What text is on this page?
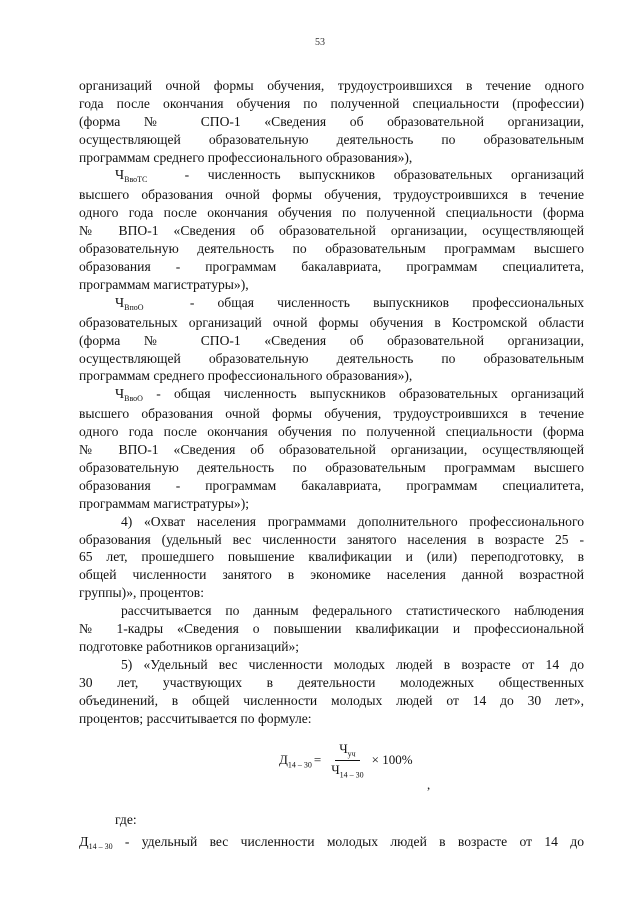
53
организаций очной формы обучения, трудоустроившихся в течение одного
года после окончания обучения по полученной специальности (профессии)
(форма № СПО-1 «Сведения об образовательной организации,
осуществляющей образовательную деятельность по образовательным
программам среднего профессионального образования»),
$Ч_{ВвоТС}$	- численность выпускников образовательных организаций
высшего образования очной формы обучения, трудоустроившихся в течение
одного года после окончания обучения по полученной специальности (форма
№ ВПО-1 «Сведения об образовательной организации, осуществляющей
образовательную деятельность по образовательным программам высшего
образования - программам бакалавриата, программам специалитета,
программам магистратуры»),
$Ч_{ВпоО}$	- общая численность выпускников профессиональных
образовательных организаций очной формы обучения в Костромской области
(форма № СПО-1 «Сведения об образовательной организации,
осуществляющей образовательную деятельность по образовательным
программам среднего профессионального образования»),
$Ч_{ВвоО}$ - общая численность выпускников образовательных организаций
высшего образования очной формы обучения, трудоустроившихся в течение
одного года после окончания обучения по полученной специальности (форма
№ ВПО-1 «Сведения об образовательной организации, осуществляющей
образовательную деятельность по образовательным программам высшего
образования - программам бакалавриата, программам специалитета,
программам магистратуры»);
4) «Охват населения программами дополнительного профессионального
образования (удельный вес численности занятого населения в возрасте 25 -
65 лет, прошедшего повышение квалификации и (или) переподготовку, в
общей численности занятого в экономике населения данной возрастной
группы)», процентов:
рассчитывается по данным федерального статистического наблюдения
№ 1-кадры «Сведения о повышении квалификации и профессиональной
подготовке работников организаций»;
5) «Удельный вес численности молодых людей в возрасте от 14 до
30 лет, участвующих в деятельности молодежных общественных
объединений, в общей численности молодых людей от 14 до 30 лет»,
процентов; рассчитывается по формуле:
$Д_{14 - 30} = \frac{Ч_{уч}}{Ч_{14 - 30}} \times 100\%$
,
где:
$Д_{14 - 30}$ - удельный вес численности молодых людей в возрасте от 14 до
